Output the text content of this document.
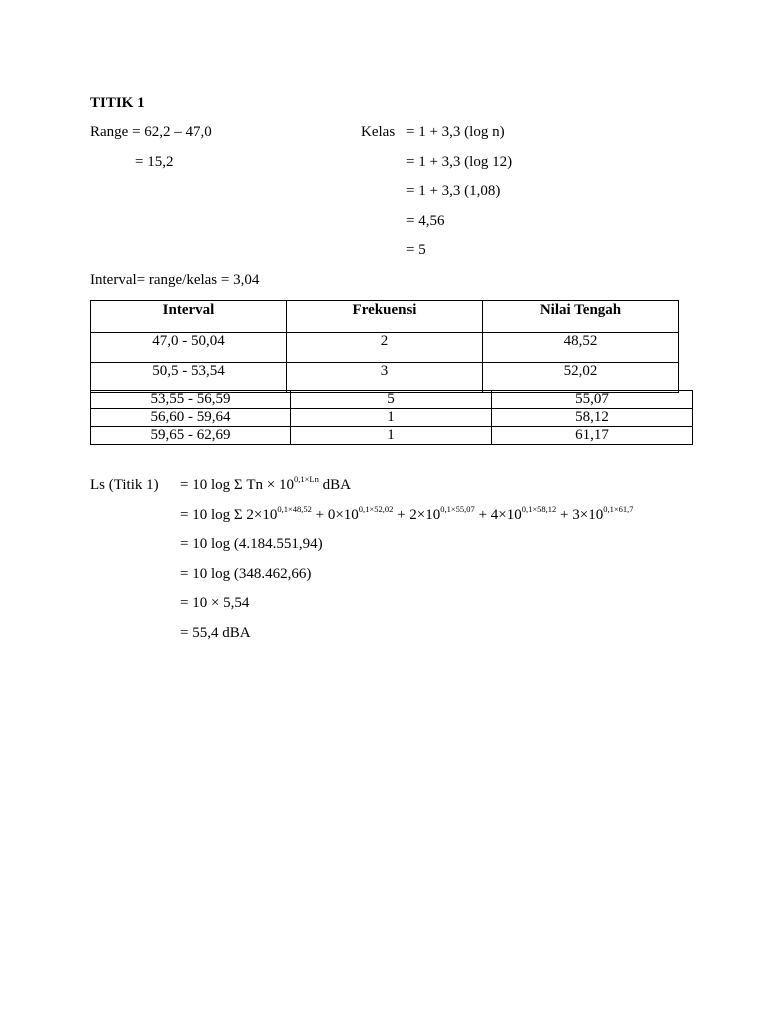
TITIK 1
Range = 62,2 – 47,0
= 15,2
Kelas = 1 + 3,3 (log n)
= 1 + 3,3 (log 12)
= 1 + 3,3 (1,08)
= 4,56
= 5
Interval= range/kelas = 3,04
Interval	Frekuensi	Nilai Tengah
47,0 - 50,04	2	48,52
50,5 - 53,54	3	52,02
53,55 - 56,59	5	55,07
56,60 - 59,64	1	58,12
59,65 - 62,69	1	61,17
Ls (Titik 1) = 10 log Σ $Tn \times 10^{0,1\times Ln}$ dBA
= 10 log Σ $2\times 10^{0,1\times 48,52} + 0\times 10^{0,1\times 52,02} + 2\times 10^{0,1\times 55,07} + 4\times 10^{0,1\times 58,12} + 3\times 10^{0,1\times 61,7}$
= 10 log (4.184.551,94)
= 10 log (348.462,66)
= 10 × 5,54
= 55,4 dBA
